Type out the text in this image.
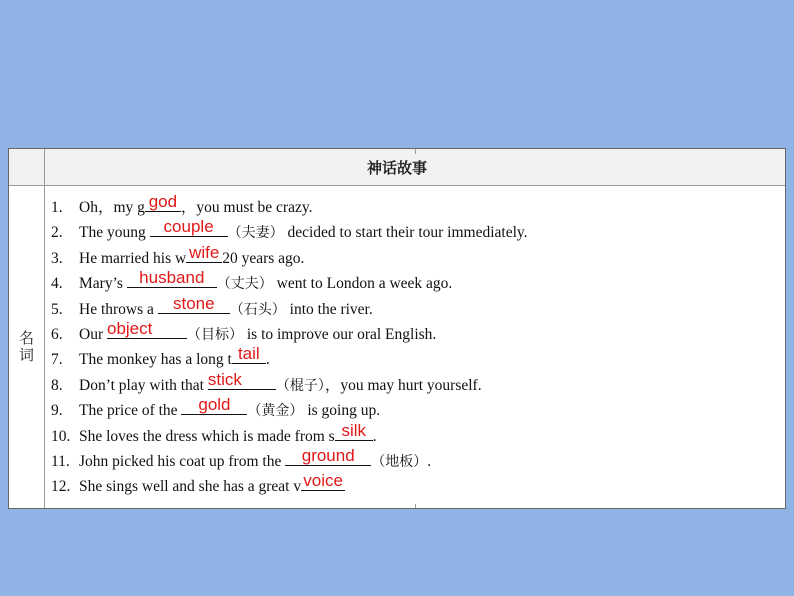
神话故事
名
词
1. Oh，my g god ，you must be crazy.
2. The young couple （夫妻） decided to start their tour immediately.
3. He married his w wife 20 years ago.
4. Mary’s husband （丈夫） went to London a week ago.
5. He throws a stone	（石头） into the river.
6. Our object	（目标） is to improve our oral English.
7. The monkey has a long t tail .
8. Don’t play with that stick	（棍子），you may hurt yourself.
9. The price of the gold	（黄金） is going up.
10. She loves the dress which is made from s silk .
11. John picked his coat up from the ground	（地板）.
12. She sings well and she has a great v voice
